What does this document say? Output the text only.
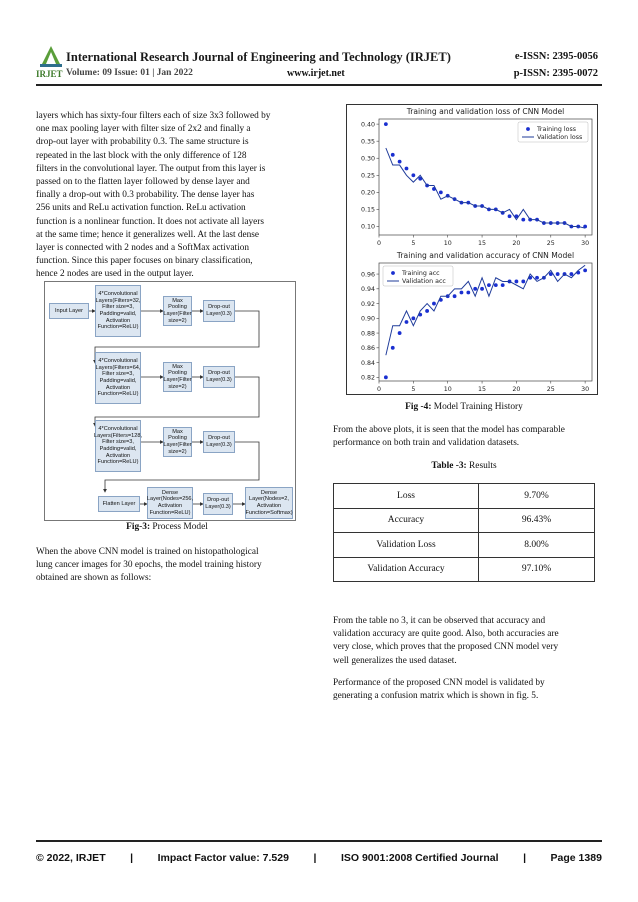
IRJET
International Research Journal of Engineering and Technology (IRJET)	e-ISSN: 2395-0056
Volume: 09 Issue: 01 | Jan 2022	www.irjet.net	p-ISSN: 2395-0072
layers which has sixty-four filters each of size 3x3 followed by
one max pooling layer with filter size of 2x2 and finally a
drop-out layer with probability 0.3. The same structure is
repeated in the last block with the only difference of 128
filters in the convolutional layer. The output from this layer is
passed on to the flatten layer followed by dense layer and
finally a drop-out with 0.3 probability. The dense layer has
256 units and ReLu activation function. ReLu activation
function is a nonlinear function. It does not activate all layers
at the same time; hence it generalizes well. At the last dense
layer is connected with 2 nodes and a SoftMax activation
function. Since this paper focuses on binary classification,
hence 2 nodes are used in the output layer.
Input Layer
4*Convolutional Layers(Filters=32, Filter size=3, Padding=valid, Activation Function=ReLU)
Max Pooling Layer(Filter size=2)
Drop-out Layer(0.3)
4*Convolutional Layers(Filters=64, Filter size=3, Padding=valid, Activation Function=ReLU)
Max Pooling Layer(Filter size=2)
Drop-out Layer(0.3)
4*Convolutional Layers(Filters=128, Filter size=3, Padding=valid, Activation Function=ReLU)
Max Pooling Layer(Filter size=2)
Drop-out Layer(0.3)
Flatten Layer
Dense Layer(Nodes=256, Activation Function=ReLU)
Drop-out Layer(0.3)
Dense Layer(Nodes=2, Activation Function=Softmax)
Fig-3: Process Model
When the above CNN model is trained on histopathological
lung cancer images for 30 epochs, the model training history
obtained are shown as follows:
Training and validation loss of CNN Model
0	5	10	15	20	25	30
0.40
0.35
0.30
0.25
0.20
0.15
0.10
Training loss
Validation loss
Training and validation accuracy of CNN Model
0	5	10	15	20	25	30
0.96
0.94
0.92
0.90
0.88
0.86
0.84
0.82
Training acc
Validation acc
Fig -4: Model Training History
From the above plots, it is seen that the model has comparable
performance on both train and validation datasets.
Table -3: Results
Loss	9.70%
Accuracy	96.43%
Validation Loss	8.00%
Validation Accuracy	97.10%
From the table no 3, it can be observed that accuracy and
validation accuracy are quite good. Also, both accuracies are
very close, which proves that the proposed CNN model very
well generalizes the used dataset.
Performance of the proposed CNN model is validated by
generating a confusion matrix which is shown in fig. 5.
© 2022, IRJET | Impact Factor value: 7.529 | ISO 9001:2008 Certified Journal | Page 1389
